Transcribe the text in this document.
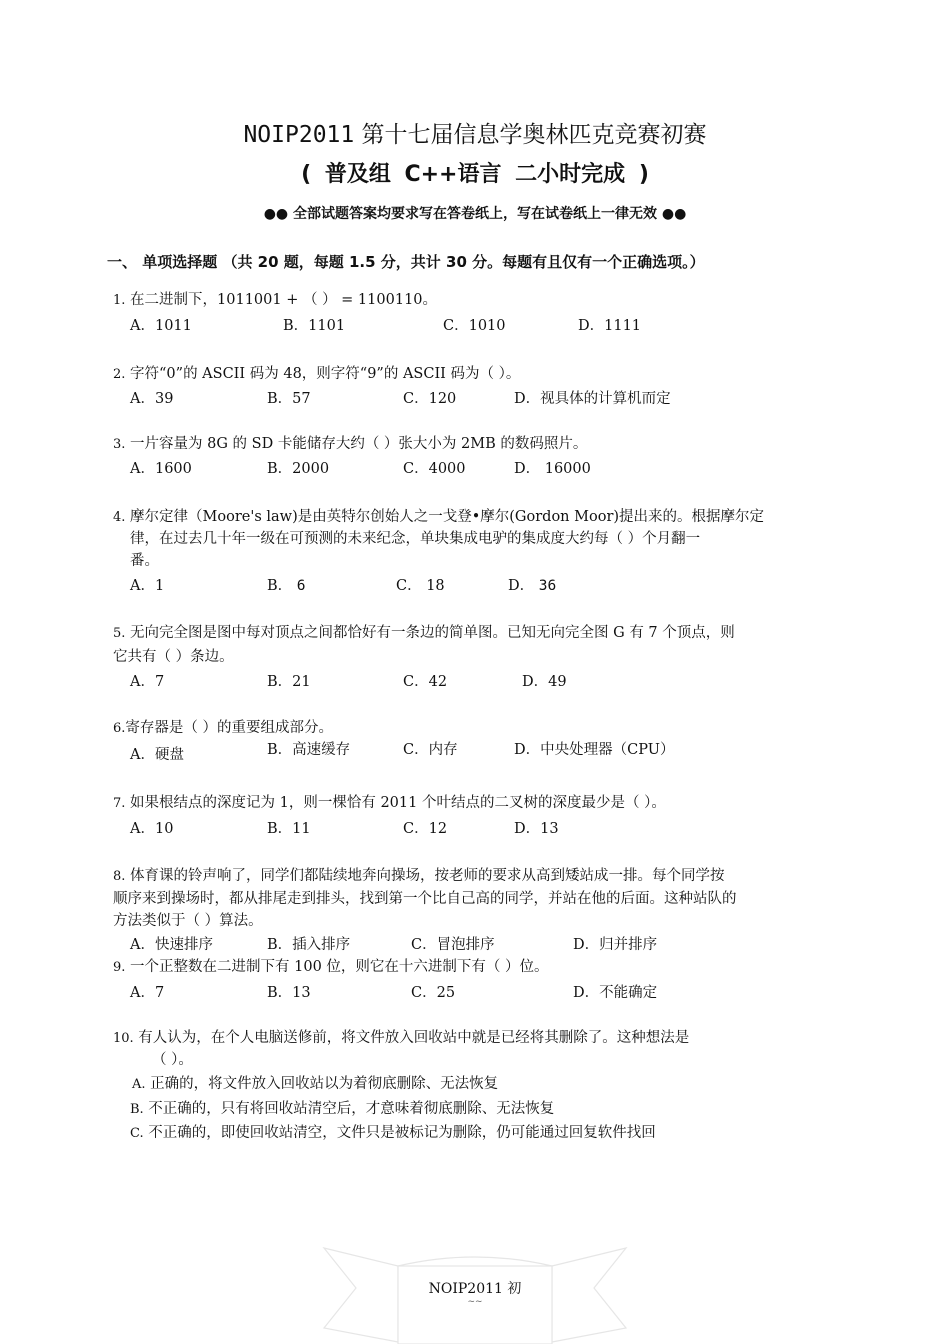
NOIP2011 第十七届信息学奥林匹克竞赛初赛
( 普及组 C++语言 二小时完成 )
●● 全部试题答案均要求写在答卷纸上，写在试卷纸上一律无效 ●●
一、 单项选择题 （共 20 题，每题 1.5 分，共计 30 分。每题有且仅有一个正确选项。）
1. 在二进制下，1011001 + （ ） = 1100110。
A．1011	B．1101	C．1010	D．1111
2. 字符“0”的 ASCII 码为 48，则字符“9”的 ASCII 码为（ ）。
A．39	B．57	C．120	D．视具体的计算机而定
3. 一片容量为 8G 的 SD 卡能储存大约（ ）张大小为 2MB 的数码照片。
A．1600	B．2000	C．4000	D． 16000
4. 摩尔定律（Moore's law)是由英特尔创始人之一戈登•摩尔(Gordon Moor)提出来的。根据摩尔定
律，在过去几十年一级在可预测的未来纪念，单块集成电驴的集成度大约每（ ）个月翻一
番。
A．1	B． 6	C． 18	D． 36
5. 无向完全图是图中每对顶点之间都恰好有一条边的简单图。已知无向完全图 G 有 7 个顶点，则
它共有（ ）条边。
A．7	B．21	C．42	D．49
6.寄存器是（ ）的重要组成部分。
A．硬盘	B．高速缓存	C．内存	D．中央处理器（CPU）
7. 如果根结点的深度记为 1，则一棵恰有 2011 个叶结点的二叉树的深度最少是（ ）。
A．10	B．11	C．12	D．13
8. 体育课的铃声响了，同学们都陆续地奔向操场，按老师的要求从高到矮站成一排。每个同学按
顺序来到操场时，都从排尾走到排头，找到第一个比自己高的同学，并站在他的后面。这种站队的
方法类似于（ ）算法。
A．快速排序	B．插入排序	C．冒泡排序	D．归并排序
9. 一个正整数在二进制下有 100 位，则它在十六进制下有（ ）位。
A．7	B．13	C．25	D．不能确定
10. 有人认为，在个人电脑送修前，将文件放入回收站中就是已经将其删除了。这种想法是
（ ）。
A. 正确的，将文件放入回收站以为着彻底删除、无法恢复
B. 不正确的，只有将回收站清空后，才意味着彻底删除、无法恢复
C. 不正确的，即使回收站清空，文件只是被标记为删除，仍可能通过回复软件找回
NOIP2011 初
~~
